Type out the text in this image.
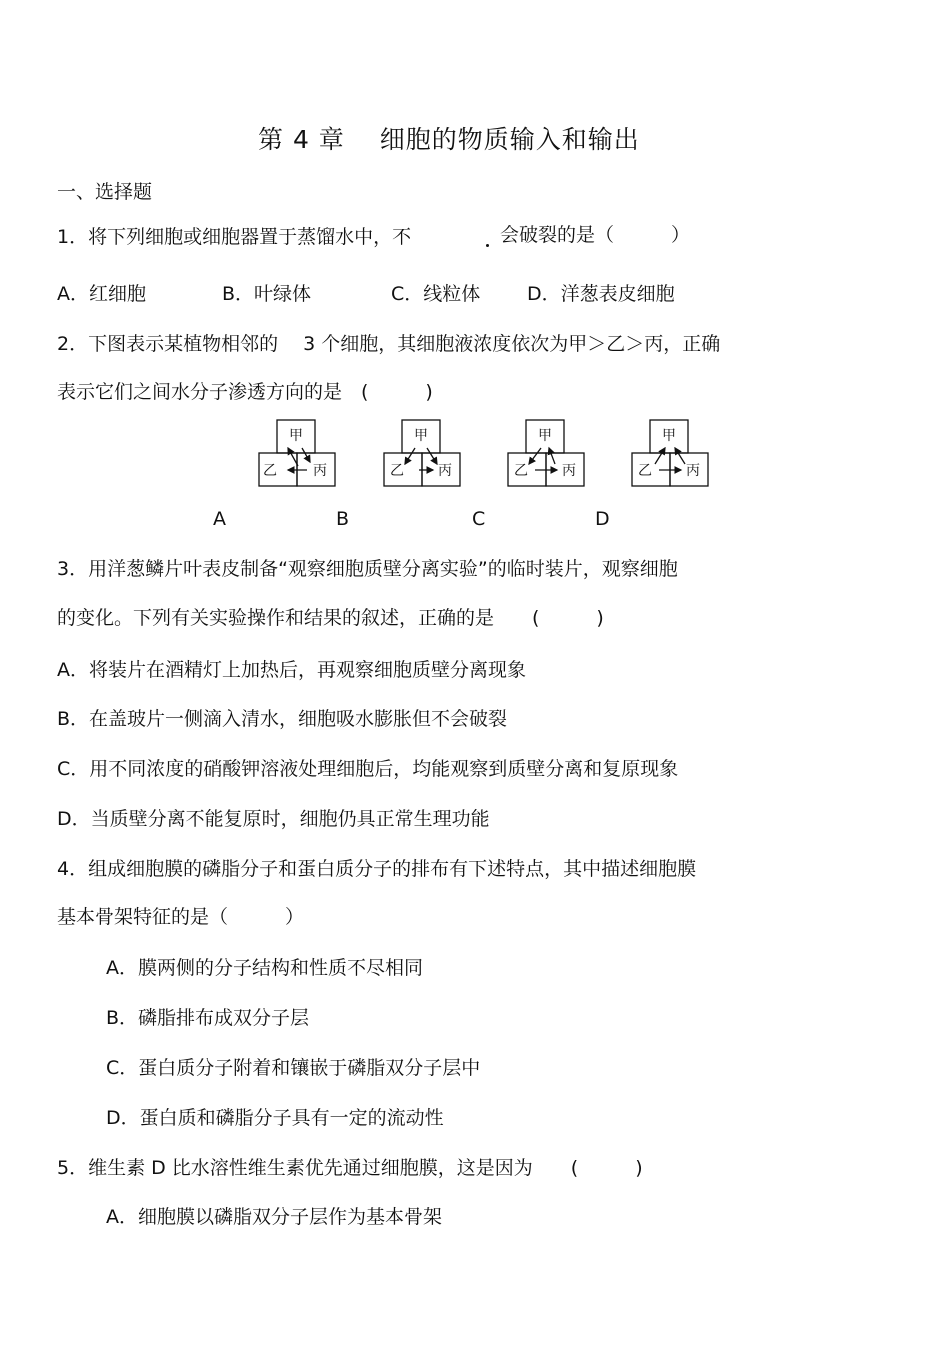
第 4 章　 细胞的物质输入和输出
一、选择题
1．将下列细胞或细胞器置于蒸馏水中，不	会破裂的是（　　　）
A．红细胞	B．叶绿体	C．线粒体 D．洋葱表皮细胞
2．下图表示某植物相邻的　 3 个细胞，其细胞液浓度依次为甲＞乙＞丙，正确
表示它们之间水分子渗透方向的是　(　　　)
甲
乙	丙
甲
乙 丙
甲
乙 丙
甲
乙 丙
A	B	C	D
3．用洋葱鳞片叶表皮制备“观察细胞质壁分离实验”的临时装片，观察细胞
的变化。下列有关实验操作和结果的叙述，正确的是　　(　　　)
A．将装片在酒精灯上加热后，再观察细胞质壁分离现象
B．在盖玻片一侧滴入清水，细胞吸水膨胀但不会破裂
C．用不同浓度的硝酸钾溶液处理细胞后，均能观察到质壁分离和复原现象
D．当质壁分离不能复原时，细胞仍具正常生理功能
4．组成细胞膜的磷脂分子和蛋白质分子的排布有下述特点，其中描述细胞膜
基本骨架特征的是（　　　）
A．膜两侧的分子结构和性质不尽相同
B．磷脂排布成双分子层
C．蛋白质分子附着和镶嵌于磷脂双分子层中
D．蛋白质和磷脂分子具有一定的流动性
5．维生素 D 比水溶性维生素优先通过细胞膜，这是因为　　(　　　)
A．细胞膜以磷脂双分子层作为基本骨架
